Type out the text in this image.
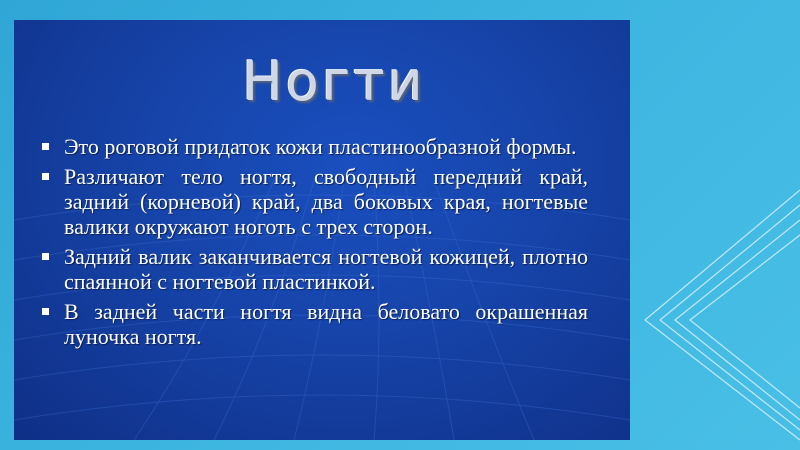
Ногти
Это роговой придаток кожи пластинообразной формы.
Различают тело ногтя, свободный передний край, задний (корневой) край, два боковых края, ногтевые валики окружают ноготь с трех сторон.
Задний валик заканчивается ногтевой кожицей, плотно спаянной с ногтевой пластинкой.
В задней части ногтя видна беловато окрашенная луночка ногтя.
